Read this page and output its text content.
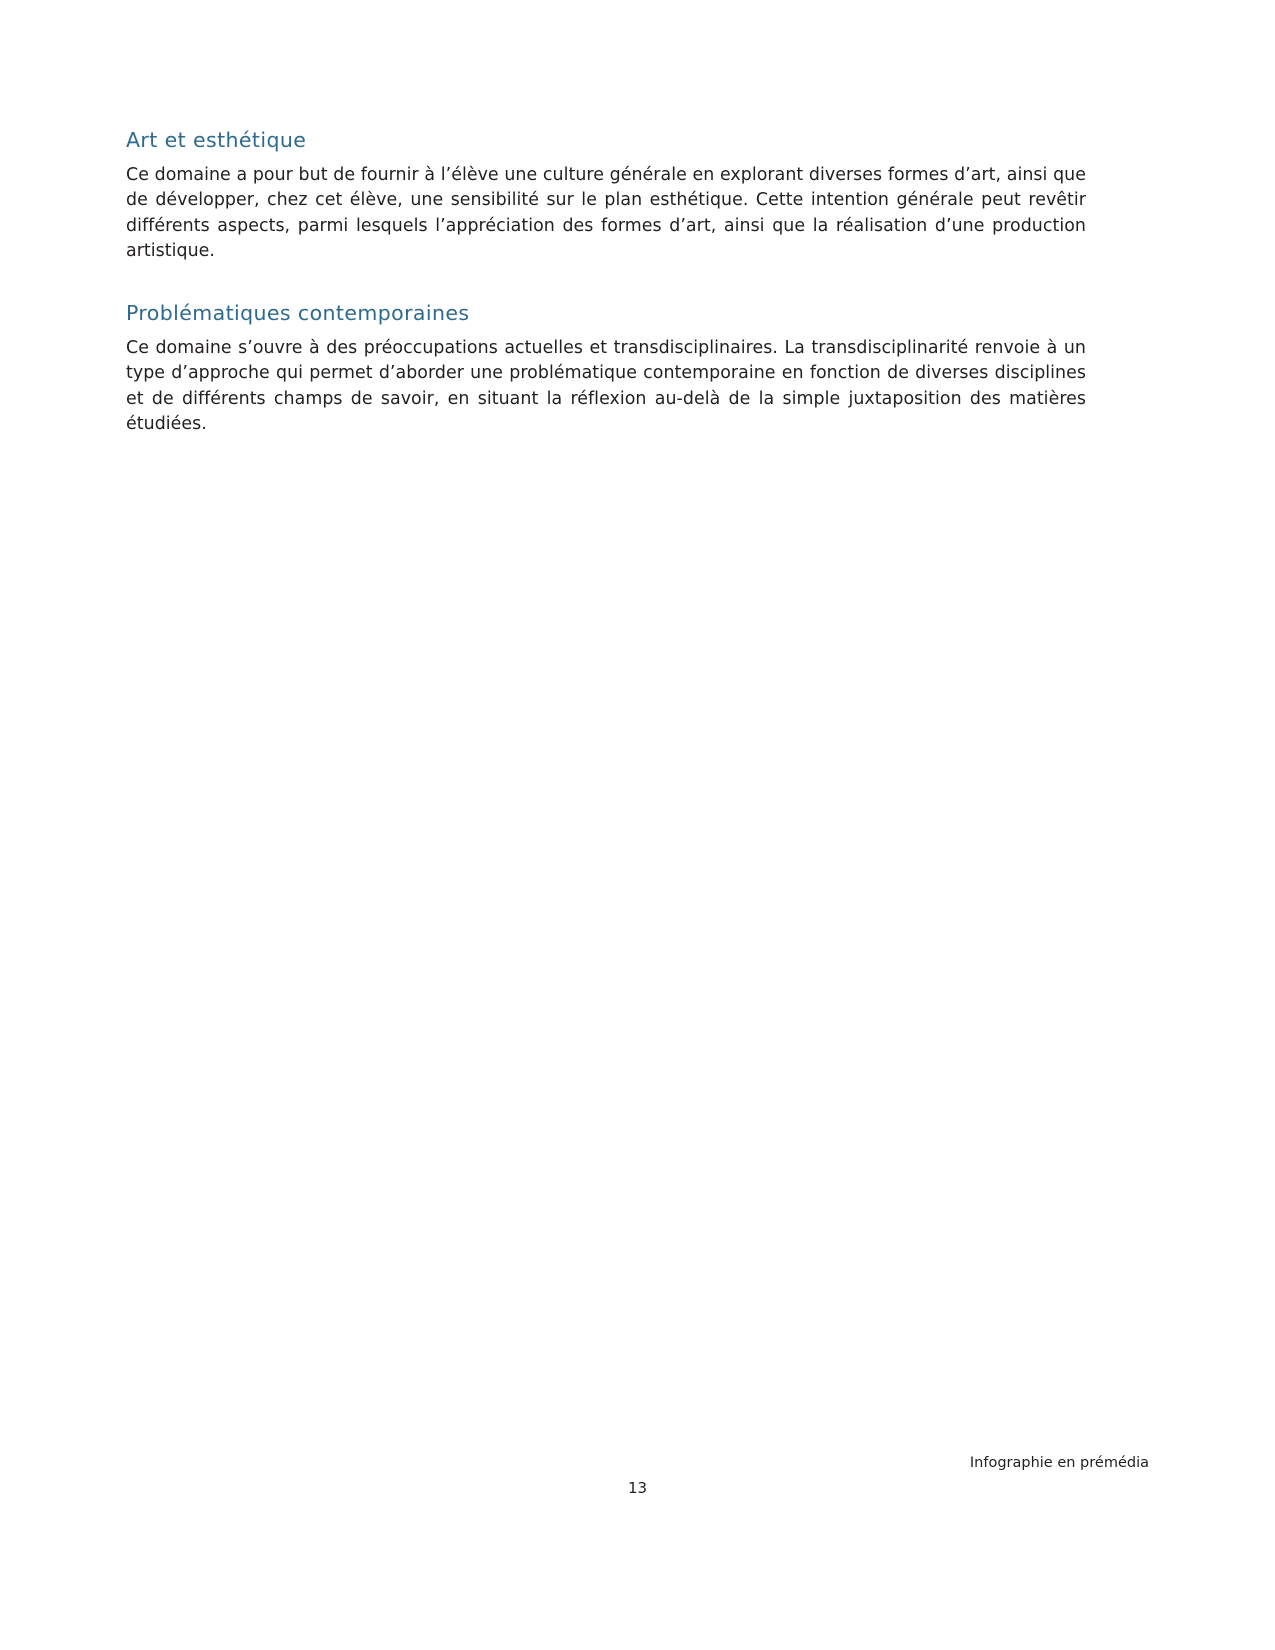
Art et esthétique

Ce domaine a pour but de fournir à l’élève une culture générale en explorant diverses formes d’art, ainsi que de développer, chez cet élève, une sensibilité sur le plan esthétique. Cette intention générale peut revêtir différents aspects, parmi lesquels l’appréciation des formes d’art, ainsi que la réalisation d’une production artistique.

Problématiques contemporaines

Ce domaine s’ouvre à des préoccupations actuelles et transdisciplinaires. La transdisciplinarité renvoie à un type d’approche qui permet d’aborder une problématique contemporaine en fonction de diverses disciplines et de différents champs de savoir, en situant la réflexion au-delà de la simple juxtaposition des matières étudiées.

Infographie en prémédia
13
